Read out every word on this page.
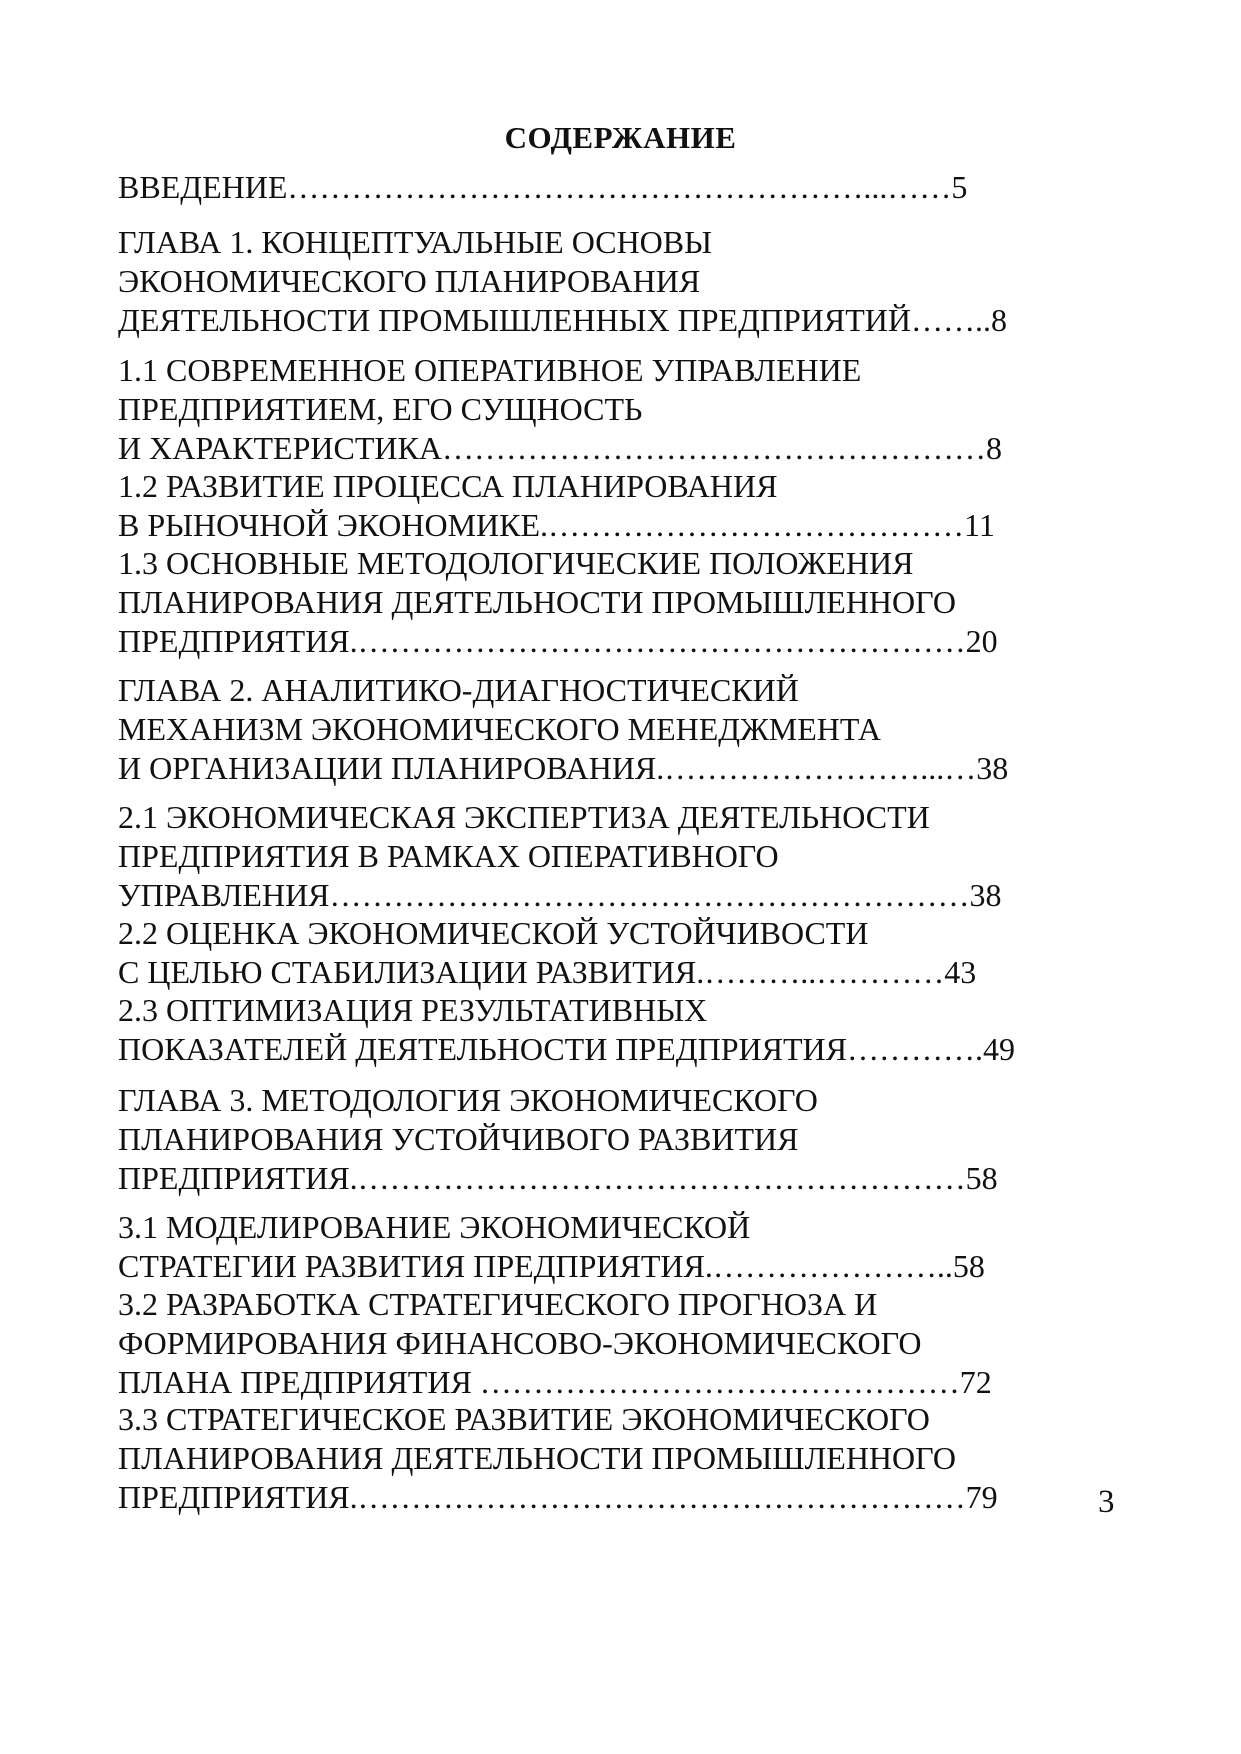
СОДЕРЖАНИЕ
ВВЕДЕНИЕ………………………………………………...……5
ГЛАВА 1. КОНЦЕПТУАЛЬНЫЕ ОСНОВЫ
ЭКОНОМИЧЕСКОГО ПЛАНИРОВАНИЯ
ДЕЯТЕЛЬНОСТИ ПРОМЫШЛЕННЫХ ПРЕДПРИЯТИЙ……..8
1.1 СОВРЕМЕННОЕ ОПЕРАТИВНОЕ УПРАВЛЕНИЕ
ПРЕДПРИЯТИЕМ, ЕГО СУЩНОСТЬ
И ХАРАКТЕРИСТИКА……………………………………………8
1.2 РАЗВИТИЕ ПРОЦЕССА ПЛАНИРОВАНИЯ
В РЫНОЧНОЙ ЭКОНОМИКЕ.…………………………………11
1.3 ОСНОВНЫЕ МЕТОДОЛОГИЧЕСКИЕ ПОЛОЖЕНИЯ
ПЛАНИРОВАНИЯ ДЕЯТЕЛЬНОСТИ ПРОМЫШЛЕННОГО
ПРЕДПРИЯТИЯ.…………………………………………………20
ГЛАВА 2. АНАЛИТИКО-ДИАГНОСТИЧЕСКИЙ
МЕХАНИЗМ ЭКОНОМИЧЕСКОГО МЕНЕДЖМЕНТА
И ОРГАНИЗАЦИИ ПЛАНИРОВАНИЯ.……………………...…38
2.1 ЭКОНОМИЧЕСКАЯ ЭКСПЕРТИЗА ДЕЯТЕЛЬНОСТИ
ПРЕДПРИЯТИЯ В РАМКАХ ОПЕРАТИВНОГО
УПРАВЛЕНИЯ……………………………………………………38
2.2 ОЦЕНКА ЭКОНОМИЧЕСКОЙ УСТОЙЧИВОСТИ
С ЦЕЛЬЮ СТАБИЛИЗАЦИИ РАЗВИТИЯ.………..…………43
2.3 ОПТИМИЗАЦИЯ РЕЗУЛЬТАТИВНЫХ
ПОКАЗАТЕЛЕЙ ДЕЯТЕЛЬНОСТИ ПРЕДПРИЯТИЯ………….49
ГЛАВА 3. МЕТОДОЛОГИЯ ЭКОНОМИЧЕСКОГО
ПЛАНИРОВАНИЯ УСТОЙЧИВОГО РАЗВИТИЯ
ПРЕДПРИЯТИЯ.…………………………………………………58
3.1 МОДЕЛИРОВАНИЕ ЭКОНОМИЧЕСКОЙ
СТРАТЕГИИ РАЗВИТИЯ ПРЕДПРИЯТИЯ.…………………..58
3.2 РАЗРАБОТКА СТРАТЕГИЧЕСКОГО ПРОГНОЗА И
ФОРМИРОВАНИЯ ФИНАНСОВО-ЭКОНОМИЧЕСКОГО
ПЛАНА ПРЕДПРИЯТИЯ ………………………………………72
3.3 СТРАТЕГИЧЕСКОЕ РАЗВИТИЕ ЭКОНОМИЧЕСКОГО
ПЛАНИРОВАНИЯ ДЕЯТЕЛЬНОСТИ ПРОМЫШЛЕННОГО
ПРЕДПРИЯТИЯ.…………………………………………………79	3
